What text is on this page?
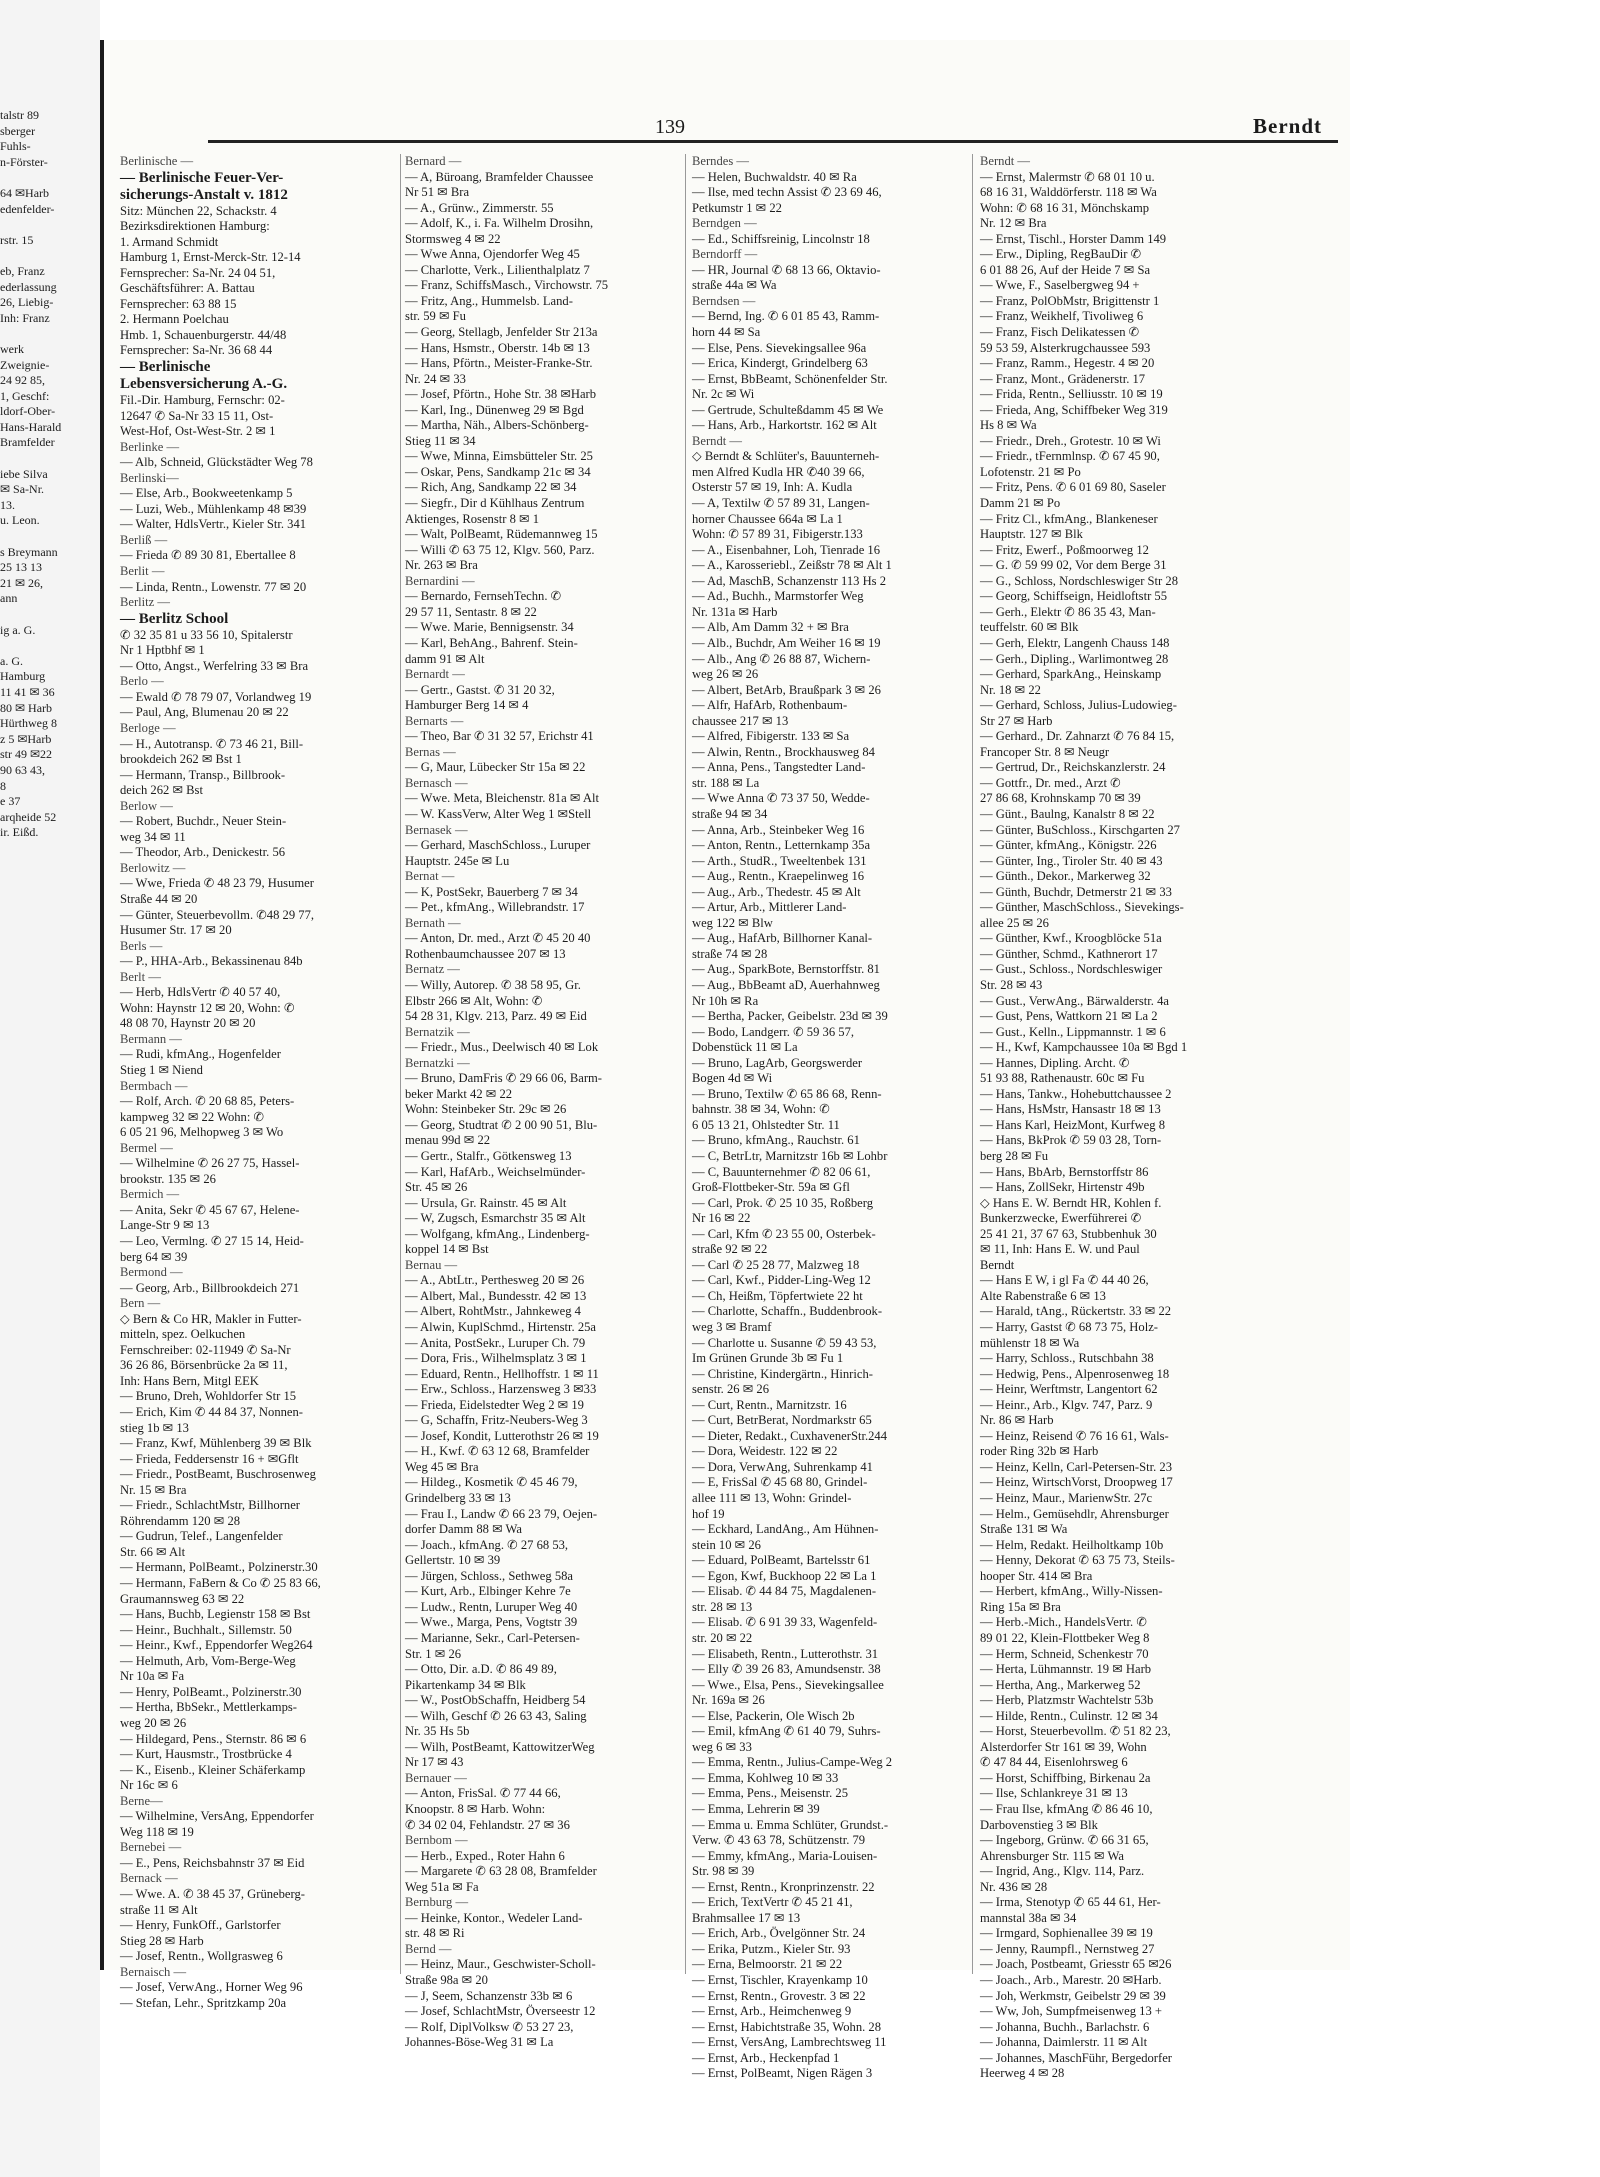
talstr 89
sberger
Fuhls-
n-Förster-

64 ✉Harb
edenfelder-

rstr. 15

eb, Franz
ederlassung
26, Liebig-
Inh: Franz

werk
Zweignie-
24 92 85,
1, Geschf:
ldorf-Ober-
Hans-Harald
Bramfelder

iebe Silva
✉ Sa-Nr.
13.
u. Leon.

s Breymann
25 13 13
21 ✉ 26,
ann

ig a. G.

a. G.
Hamburg
11 41 ✉ 36
80 ✉ Harb
Hürthweg 8
z 5 ✉Harb
str 49 ✉22
90 63 43,
8
e 37
arqheide 52
ir. Eißd.
139	Berndt
Berlinische —
— Berlinische Feuer-Ver-
sicherungs-Anstalt v. 1812
Sitz: München 22, Schackstr. 4
Bezirksdirektionen Hamburg:
1. Armand Schmidt
Hamburg 1, Ernst-Merck-Str. 12-14
Fernsprecher: Sa-Nr. 24 04 51,
Geschäftsführer: A. Battau
Fernsprecher: 63 88 15
2. Hermann Poelchau
Hmb. 1, Schauenburgerstr. 44/48
Fernsprecher: Sa-Nr. 36 68 44
— Berlinische
Lebensversicherung A.-G.
Fil.-Dir. Hamburg, Fernschr: 02-
12647 ✆ Sa-Nr 33 15 11, Ost-
West-Hof, Ost-West-Str. 2 ✉ 1
Berlinke —
— Alb, Schneid, Glückstädter Weg 78
Berlinski—
— Else, Arb., Bookweetenkamp 5
— Luzi, Web., Mühlenkamp 48 ✉39
— Walter, HdlsVertr., Kieler Str. 341
Berliß —
— Frieda ✆ 89 30 81, Ebertallee 8
Berlit —
— Linda, Rentn., Lowenstr. 77 ✉ 20
Berlitz —
— Berlitz School
✆ 32 35 81 u 33 56 10, Spitalerstr
Nr 1 Hptbhf ✉ 1
— Otto, Angst., Werfelring 33 ✉ Bra
Berlo —
— Ewald ✆ 78 79 07, Vorlandweg 19
— Paul, Ang, Blumenau 20 ✉ 22
Berloge —
— H., Autotransp. ✆ 73 46 21, Bill-
brookdeich 262 ✉ Bst 1
— Hermann, Transp., Billbrook-
deich 262 ✉ Bst
Berlow —
— Robert, Buchdr., Neuer Stein-
weg 34 ✉ 11
— Theodor, Arb., Denickestr. 56
Berlowitz —
— Wwe, Frieda ✆ 48 23 79, Husumer
Straße 44 ✉ 20
— Günter, Steuerbevollm. ✆48 29 77,
Husumer Str. 17 ✉ 20
Berls —
— P., HHA-Arb., Bekassinenau 84b
Berlt —
— Herb, HdlsVertr ✆ 40 57 40,
Wohn: Haynstr 12 ✉ 20, Wohn: ✆
48 08 70, Haynstr 20 ✉ 20
Bermann —
— Rudi, kfmAng., Hogenfelder
Stieg 1 ✉ Niend
Bermbach —
— Rolf, Arch. ✆ 20 68 85, Peters-
kampweg 32 ✉ 22 Wohn: ✆
6 05 21 96, Melhopweg 3 ✉ Wo
Bermel —
— Wilhelmine ✆ 26 27 75, Hassel-
brookstr. 135 ✉ 26
Bermich —
— Anita, Sekr ✆ 45 67 67, Helene-
Lange-Str 9 ✉ 13
— Leo, Vermlng. ✆ 27 15 14, Heid-
berg 64 ✉ 39
Bermond —
— Georg, Arb., Billbrookdeich 271
Bern —
◇ Bern & Co HR, Makler in Futter-
mitteln, spez. Oelkuchen
Fernschreiber: 02-11949 ✆ Sa-Nr
36 26 86, Börsenbrücke 2a ✉ 11,
Inh: Hans Bern, Mitgl EEK
— Bruno, Dreh, Wohldorfer Str 15
— Erich, Kim ✆ 44 84 37, Nonnen-
stieg 1b ✉ 13
— Franz, Kwf, Mühlenberg 39 ✉ Blk
— Frieda, Feddersenstr 16 + ✉Gflt
— Friedr., PostBeamt, Buschrosenweg
Nr. 15 ✉ Bra
— Friedr., SchlachtMstr, Billhorner
Röhrendamm 120 ✉ 28
— Gudrun, Telef., Langenfelder
Str. 66 ✉ Alt
— Hermann, PolBeamt., Polzinerstr.30
— Hermann, FaBern & Co ✆ 25 83 66,
Graumannsweg 63 ✉ 22
— Hans, Buchb, Legienstr 158 ✉ Bst
— Heinr., Buchhalt., Sillemstr. 50
— Heinr., Kwf., Eppendorfer Weg264
— Helmuth, Arb, Vom-Berge-Weg
Nr 10a ✉ Fa
— Henry, PolBeamt., Polzinerstr.30
— Hertha, BbSekr., Mettlerkamps-
weg 20 ✉ 26
— Hildegard, Pens., Sternstr. 86 ✉ 6
— Kurt, Hausmstr., Trostbrücke 4
— K., Eisenb., Kleiner Schäferkamp
Nr 16c ✉ 6
Berne—
— Wilhelmine, VersAng, Eppendorfer
Weg 118 ✉ 19
Bernebei —
— E., Pens, Reichsbahnstr 37 ✉ Eid
Bernack —
— Wwe. A. ✆ 38 45 37, Grüneberg-
straße 11 ✉ Alt
— Henry, FunkOff., Garlstorfer
Stieg 28 ✉ Harb
— Josef, Rentn., Wollgrasweg 6
Bernaisch —
— Josef, VerwAng., Horner Weg 96
— Stefan, Lehr., Spritzkamp 20a
Bernard —
— A, Büroang, Bramfelder Chaussee
Nr 51 ✉ Bra
— A., Grünw., Zimmerstr. 55
— Adolf, K., i. Fa. Wilhelm Drosihn,
Stormsweg 4 ✉ 22
— Wwe Anna, Ojendorfer Weg 45
— Charlotte, Verk., Lilienthalplatz 7
— Franz, SchiffsMasch., Virchowstr. 75
— Fritz, Ang., Hummelsb. Land-
str. 59 ✉ Fu
— Georg, Stellagb, Jenfelder Str 213a
— Hans, Hsmstr., Oberstr. 14b ✉ 13
— Hans, Pförtn., Meister-Franke-Str.
Nr. 24 ✉ 33
— Josef, Pförtn., Hohe Str. 38 ✉Harb
— Karl, Ing., Dünenweg 29 ✉ Bgd
— Martha, Näh., Albers-Schönberg-
Stieg 11 ✉ 34
— Wwe, Minna, Eimsbütteler Str. 25
— Oskar, Pens, Sandkamp 21c ✉ 34
— Rich, Ang, Sandkamp 22 ✉ 34
— Siegfr., Dir d Kühlhaus Zentrum
Aktienges, Rosenstr 8 ✉ 1
— Walt, PolBeamt, Rüdemannweg 15
— Willi ✆ 63 75 12, Klgv. 560, Parz.
Nr. 263 ✉ Bra
Bernardini —
— Bernardo, FernsehTechn. ✆
29 57 11, Sentastr. 8 ✉ 22
— Wwe. Marie, Bennigsenstr. 34
— Karl, BehAng., Bahrenf. Stein-
damm 91 ✉ Alt
Bernardt —
— Gertr., Gastst. ✆ 31 20 32,
Hamburger Berg 14 ✉ 4
Bernarts —
— Theo, Bar ✆ 31 32 57, Erichstr 41
Bernas —
— G, Maur, Lübecker Str 15a ✉ 22
Bernasch —
— Wwe. Meta, Bleichenstr. 81a ✉ Alt
— W. KassVerw, Alter Weg 1 ✉Stell
Bernasek —
— Gerhard, MaschSchloss., Luruper
Hauptstr. 245e ✉ Lu
Bernat —
— K, PostSekr, Bauerberg 7 ✉ 34
— Pet., kfmAng., Willebrandstr. 17
Bernath —
— Anton, Dr. med., Arzt ✆ 45 20 40
Rothenbaumchaussee 207 ✉ 13
Bernatz —
— Willy, Autorep. ✆ 38 58 95, Gr.
Elbstr 266 ✉ Alt, Wohn: ✆
54 28 31, Klgv. 213, Parz. 49 ✉ Eid
Bernatzik —
— Friedr., Mus., Deelwisch 40 ✉ Lok
Bernatzki —
— Bruno, DamFris ✆ 29 66 06, Barm-
beker Markt 42 ✉ 22
Wohn: Steinbeker Str. 29c ✉ 26
— Georg, Studtrat ✆ 2 00 90 51, Blu-
menau 99d ✉ 22
— Gertr., Stalfr., Götkensweg 13
— Karl, HafArb., Weichselmünder-
Str. 45 ✉ 26
— Ursula, Gr. Rainstr. 45 ✉ Alt
— W, Zugsch, Esmarchstr 35 ✉ Alt
— Wolfgang, kfmAng., Lindenberg-
koppel 14 ✉ Bst
Bernau —
— A., AbtLtr., Perthesweg 20 ✉ 26
— Albert, Mal., Bundesstr. 42 ✉ 13
— Albert, RohtMstr., Jahnkeweg 4
— Alwin, KuplSchmd., Hirtenstr. 25a
— Anita, PostSekr., Luruper Ch. 79
— Dora, Fris., Wilhelmsplatz 3 ✉ 1
— Eduard, Rentn., Hellhoffstr. 1 ✉ 11
— Erw., Schloss., Harzensweg 3 ✉33
— Frieda, Eidelstedter Weg 2 ✉ 19
— G, Schaffn, Fritz-Neubers-Weg 3
— Josef, Kondit, Lutterothstr 26 ✉ 19
— H., Kwf. ✆ 63 12 68, Bramfelder
Weg 45 ✉ Bra
— Hildeg., Kosmetik ✆ 45 46 79,
Grindelberg 33 ✉ 13
— Frau I., Landw ✆ 66 23 79, Oejen-
dorfer Damm 88 ✉ Wa
— Joach., kfmAng. ✆ 27 68 53,
Gellertstr. 10 ✉ 39
— Jürgen, Schloss., Sethweg 58a
— Kurt, Arb., Elbinger Kehre 7e
— Ludw., Rentn, Luruper Weg 40
— Wwe., Marga, Pens, Vogtstr 39
— Marianne, Sekr., Carl-Petersen-
Str. 1 ✉ 26
— Otto, Dir. a.D. ✆ 86 49 89,
Pikartenkamp 34 ✉ Blk
— W., PostObSchaffn, Heidberg 54
— Wilh, Geschf ✆ 26 63 43, Saling
Nr. 35 Hs 5b
— Wilh, PostBeamt, KattowitzerWeg
Nr 17 ✉ 43
Bernauer —
— Anton, FrisSal. ✆ 77 44 66,
Knoopstr. 8 ✉ Harb. Wohn:
✆ 34 02 04, Fehlandstr. 27 ✉ 36
Bernbom —
— Herb., Exped., Roter Hahn 6
— Margarete ✆ 63 28 08, Bramfelder
Weg 51a ✉ Fa
Bernburg —
— Heinke, Kontor., Wedeler Land-
str. 48 ✉ Ri
Bernd —
— Heinz, Maur., Geschwister-Scholl-
Straße 98a ✉ 20
— J, Seem, Schanzenstr 33b ✉ 6
— Josef, SchlachtMstr, Överseestr 12
— Rolf, DiplVolksw ✆ 53 27 23,
Johannes-Böse-Weg 31 ✉ La
Berndes —
— Helen, Buchwaldstr. 40 ✉ Ra
— Ilse, med techn Assist ✆ 23 69 46,
Petkumstr 1 ✉ 22
Berndgen —
— Ed., Schiffsreinig, Lincolnstr 18
Berndorff —
— HR, Journal ✆ 68 13 66, Oktavio-
straße 44a ✉ Wa
Berndsen —
— Bernd, Ing. ✆ 6 01 85 43, Ramm-
horn 44 ✉ Sa
— Else, Pens. Sievekingsallee 96a
— Erica, Kindergt, Grindelberg 63
— Ernst, BbBeamt, Schönenfelder Str.
Nr. 2c ✉ Wi
— Gertrude, Schulteßdamm 45 ✉ We
— Hans, Arb., Harkortstr. 162 ✉ Alt
Berndt —
◇ Berndt & Schlüter's, Bauunterneh-
men Alfred Kudla HR ✆40 39 66,
Osterstr 57 ✉ 19, Inh: A. Kudla
— A, Textilw ✆ 57 89 31, Langen-
horner Chaussee 664a ✉ La 1
Wohn: ✆ 57 89 31, Fibigerstr.133
— A., Eisenbahner, Loh, Tienrade 16
— A., Karosseriebl., Zeißstr 78 ✉ Alt 1
— Ad, MaschB, Schanzenstr 113 Hs 2
— Ad., Buchh., Marmstorfer Weg
Nr. 131a ✉ Harb
— Alb, Am Damm 32 + ✉ Bra
— Alb., Buchdr, Am Weiher 16 ✉ 19
— Alb., Ang ✆ 26 88 87, Wichern-
weg 26 ✉ 26
— Albert, BetArb, Braußpark 3 ✉ 26
— Alfr, HafArb, Rothenbaum-
chaussee 217 ✉ 13
— Alfred, Fibigerstr. 133 ✉ Sa
— Alwin, Rentn., Brockhausweg 84
— Anna, Pens., Tangstedter Land-
str. 188 ✉ La
— Wwe Anna ✆ 73 37 50, Wedde-
straße 94 ✉ 34
— Anna, Arb., Steinbeker Weg 16
— Anton, Rentn., Letternkamp 35a
— Arth., StudR., Tweeltenbek 131
— Aug., Rentn., Kraepelinweg 16
— Aug., Arb., Thedestr. 45 ✉ Alt
— Artur, Arb., Mittlerer Land-
weg 122 ✉ Blw
— Aug., HafArb, Billhorner Kanal-
straße 74 ✉ 28
— Aug., SparkBote, Bernstorffstr. 81
— Aug., BbBeamt aD, Auerhahnweg
Nr 10h ✉ Ra
— Bertha, Packer, Geibelstr. 23d ✉ 39
— Bodo, Landgerr. ✆ 59 36 57,
Dobenstück 11 ✉ La
— Bruno, LagArb, Georgswerder
Bogen 4d ✉ Wi
— Bruno, Textilw ✆ 65 86 68, Renn-
bahnstr. 38 ✉ 34, Wohn: ✆
6 05 13 21, Ohlstedter Str. 11
— Bruno, kfmAng., Rauchstr. 61
— C, BetrLtr, Marnitzstr 16b ✉ Lohbr
— C, Bauunternehmer ✆ 82 06 61,
Groß-Flottbeker-Str. 59a ✉ Gfl
— Carl, Prok. ✆ 25 10 35, Roßberg
Nr 16 ✉ 22
— Carl, Kfm ✆ 23 55 00, Osterbek-
straße 92 ✉ 22
— Carl ✆ 25 28 77, Malzweg 18
— Carl, Kwf., Pidder-Ling-Weg 12
— Ch, Heißm, Töpfertwiete 22 ht
— Charlotte, Schaffn., Buddenbrook-
weg 3 ✉ Bramf
— Charlotte u. Susanne ✆ 59 43 53,
Im Grünen Grunde 3b ✉ Fu 1
— Christine, Kindergärtn., Hinrich-
senstr. 26 ✉ 26
— Curt, Rentn., Marnitzstr. 16
— Curt, BetrBerat, Nordmarkstr 65
— Dieter, Redakt., CuxhavenerStr.244
— Dora, Weidestr. 122 ✉ 22
— Dora, VerwAng, Suhrenkamp 41
— E, FrisSal ✆ 45 68 80, Grindel-
allee 111 ✉ 13, Wohn: Grindel-
hof 19
— Eckhard, LandAng., Am Hühnen-
stein 10 ✉ 26
— Eduard, PolBeamt, Bartelsstr 61
— Egon, Kwf, Buckhoop 22 ✉ La 1
— Elisab. ✆ 44 84 75, Magdalenen-
str. 28 ✉ 13
— Elisab. ✆ 6 91 39 33, Wagenfeld-
str. 20 ✉ 22
— Elisabeth, Rentn., Lutterothstr. 31
— Elly ✆ 39 26 83, Amundsenstr. 38
— Wwe., Elsa, Pens., Sievekingsallee
Nr. 169a ✉ 26
— Else, Packerin, Ole Wisch 2b
— Emil, kfmAng ✆ 61 40 79, Suhrs-
weg 6 ✉ 33
— Emma, Rentn., Julius-Campe-Weg 2
— Emma, Kohlweg 10 ✉ 33
— Emma, Pens., Meisenstr. 25
— Emma, Lehrerin ✉ 39
— Emma u. Emma Schlüter, Grundst.-
Verw. ✆ 43 63 78, Schützenstr. 79
— Emmy, kfmAng., Maria-Louisen-
Str. 98 ✉ 39
— Ernst, Rentn., Kronprinzenstr. 22
— Erich, TextVertr ✆ 45 21 41,
Brahmsallee 17 ✉ 13
— Erich, Arb., Övelgönner Str. 24
— Erika, Putzm., Kieler Str. 93
— Erna, Belmoorstr. 21 ✉ 22
— Ernst, Tischler, Krayenkamp 10
— Ernst, Rentn., Grovestr. 3 ✉ 22
— Ernst, Arb., Heimchenweg 9
— Ernst, Habichtstraße 35, Wohn. 28
— Ernst, VersAng, Lambrechtsweg 11
— Ernst, Arb., Heckenpfad 1
— Ernst, PolBeamt, Nigen Rägen 3
Berndt —
— Ernst, Malermstr ✆ 68 01 10 u.
68 16 31, Walddörferstr. 118 ✉ Wa
Wohn: ✆ 68 16 31, Mönchskamp
Nr. 12 ✉ Bra
— Ernst, Tischl., Horster Damm 149
— Erw., Dipling, RegBauDir ✆
6 01 88 26, Auf der Heide 7 ✉ Sa
— Wwe, F., Saselbergweg 94 +
— Franz, PolObMstr, Brigittenstr 1
— Franz, Weikhelf, Tivoliweg 6
— Franz, Fisch Delikatessen ✆
59 53 59, Alsterkrugchaussee 593
— Franz, Ramm., Hegestr. 4 ✉ 20
— Franz, Mont., Grädenerstr. 17
— Frida, Rentn., Selliusstr. 10 ✉ 19
— Frieda, Ang, Schiffbeker Weg 319
Hs 8 ✉ Wa
— Friedr., Dreh., Grotestr. 10 ✉ Wi
— Friedr., tFernmlnsp. ✆ 67 45 90,
Lofotenstr. 21 ✉ Po
— Fritz, Pens. ✆ 6 01 69 80, Saseler
Damm 21 ✉ Po
— Fritz Cl., kfmAng., Blankeneser
Hauptstr. 127 ✉ Blk
— Fritz, Ewerf., Poßmoorweg 12
— G. ✆ 59 99 02, Vor dem Berge 31
— G., Schloss, Nordschleswiger Str 28
— Georg, Schiffseign, Heidloftstr 55
— Gerh., Elektr ✆ 86 35 43, Man-
teuffelstr. 60 ✉ Blk
— Gerh, Elektr, Langenh Chauss 148
— Gerh., Dipling., Warlimontweg 28
— Gerhard, SparkAng., Heinskamp
Nr. 18 ✉ 22
— Gerhard, Schloss, Julius-Ludowieg-
Str 27 ✉ Harb
— Gerhard., Dr. Zahnarzt ✆ 76 84 15,
Francoper Str. 8 ✉ Neugr
— Gertrud, Dr., Reichskanzlerstr. 24
— Gottfr., Dr. med., Arzt ✆
27 86 68, Krohnskamp 70 ✉ 39
— Günt., Baulng, Kanalstr 8 ✉ 22
— Günter, BuSchloss., Kirschgarten 27
— Günter, kfmAng., Königstr. 226
— Günter, Ing., Tiroler Str. 40 ✉ 43
— Günth., Dekor., Markerweg 32
— Günth, Buchdr, Detmerstr 21 ✉ 33
— Günther, MaschSchloss., Sievekings-
allee 25 ✉ 26
— Günther, Kwf., Kroogblöcke 51a
— Günther, Schmd., Kathnerort 17
— Gust., Schloss., Nordschleswiger
Str. 28 ✉ 43
— Gust., VerwAng., Bärwalderstr. 4a
— Gust, Pens, Wattkorn 21 ✉ La 2
— Gust., Kelln., Lippmannstr. 1 ✉ 6
— H., Kwf, Kampchaussee 10a ✉ Bgd 1
— Hannes, Dipling. Archt. ✆
51 93 88, Rathenaustr. 60c ✉ Fu
— Hans, Tankw., Hohebuttchaussee 2
— Hans, HsMstr, Hansastr 18 ✉ 13
— Hans Karl, HeizMont, Kurfweg 8
— Hans, BkProk ✆ 59 03 28, Torn-
berg 28 ✉ Fu
— Hans, BbArb, Bernstorffstr 86
— Hans, ZollSekr, Hirtenstr 49b
◇ Hans E. W. Berndt HR, Kohlen f.
Bunkerzwecke, Ewerführerei ✆
25 41 21, 37 67 63, Stubbenhuk 30
✉ 11, Inh: Hans E. W. und Paul
Berndt
— Hans E W, i gl Fa ✆ 44 40 26,
Alte Rabenstraße 6 ✉ 13
— Harald, tAng., Rückertstr. 33 ✉ 22
— Harry, Gastst ✆ 68 73 75, Holz-
mühlenstr 18 ✉ Wa
— Harry, Schloss., Rutschbahn 38
— Hedwig, Pens., Alpenrosenweg 18
— Heinr, Werftmstr, Langentort 62
— Heinr., Arb., Klgv. 747, Parz. 9
Nr. 86 ✉ Harb
— Heinz, Reisend ✆ 76 16 61, Wals-
roder Ring 32b ✉ Harb
— Heinz, Kelln, Carl-Petersen-Str. 23
— Heinz, WirtschVorst, Droopweg 17
— Heinz, Maur., MarienwStr. 27c
— Helm., Gemüsehdlr, Ahrensburger
Straße 131 ✉ Wa
— Helm, Redakt. Heilholtkamp 10b
— Henny, Dekorat ✆ 63 75 73, Steils-
hooper Str. 414 ✉ Bra
— Herbert, kfmAng., Willy-Nissen-
Ring 15a ✉ Bra
— Herb.-Mich., HandelsVertr. ✆
89 01 22, Klein-Flottbeker Weg 8
— Herm, Schneid, Schenkestr 70
— Herta, Lühmannstr. 19 ✉ Harb
— Hertha, Ang., Markerweg 52
— Herb, Platzmstr Wachtelstr 53b
— Hilde, Rentn., Culinstr. 12 ✉ 34
— Horst, Steuerbevollm. ✆ 51 82 23,
Alsterdorfer Str 161 ✉ 39, Wohn
✆ 47 84 44, Eisenlohrsweg 6
— Horst, Schiffbing, Birkenau 2a
— Ilse, Schlankreye 31 ✉ 13
— Frau Ilse, kfmAng ✆ 86 46 10,
Darbovenstieg 3 ✉ Blk
— Ingeborg, Grünw. ✆ 66 31 65,
Ahrensburger Str. 115 ✉ Wa
— Ingrid, Ang., Klgv. 114, Parz.
Nr. 436 ✉ 28
— Irma, Stenotyp ✆ 65 44 61, Her-
mannstal 38a ✉ 34
— Irmgard, Sophienallee 39 ✉ 19
— Jenny, Raumpfl., Nernstweg 27
— Joach, Postbeamt, Griesstr 65 ✉26
— Joach., Arb., Marestr. 20 ✉Harb.
— Joh, Werkmstr, Geibelstr 29 ✉ 39
— Ww, Joh, Sumpfmeisenweg 13 +
— Johanna, Buchh., Barlachstr. 6
— Johanna, Daimlerstr. 11 ✉ Alt
— Johannes, MaschFühr, Bergedorfer
Heerweg 4 ✉ 28
